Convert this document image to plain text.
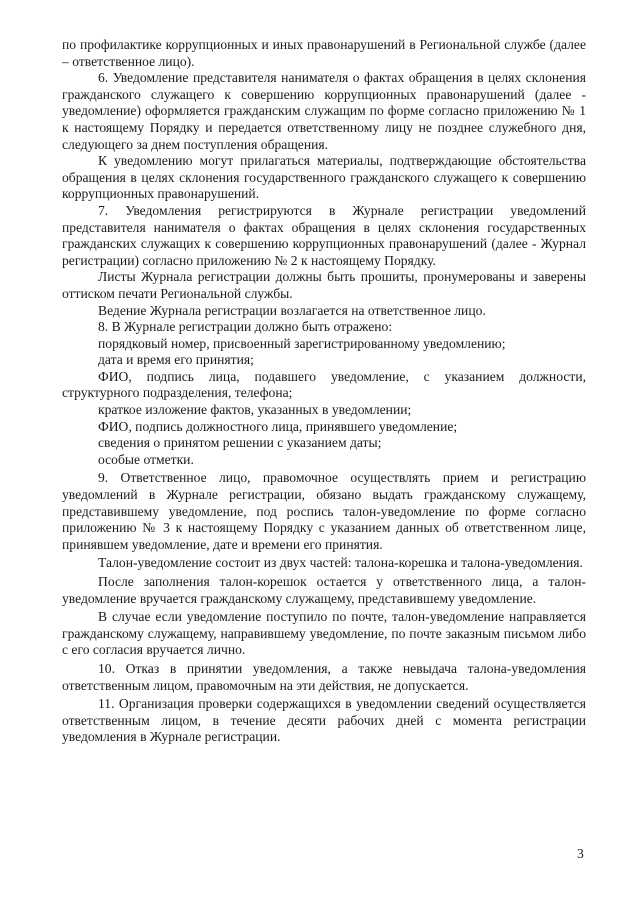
по профилактике коррупционных и иных правонарушений в Региональной службе (далее – ответственное лицо).

6. Уведомление представителя нанимателя о фактах обращения в целях склонения гражданского служащего к совершению коррупционных правонарушений (далее - уведомление) оформляется гражданским служащим по форме согласно приложению № 1 к настоящему Порядку и передается ответственному лицу не позднее служебного дня, следующего за днем поступления обращения.

К уведомлению могут прилагаться материалы, подтверждающие обстоятельства обращения в целях склонения государственного гражданского служащего к совершению коррупционных правонарушений.

7. Уведомления регистрируются в Журнале регистрации уведомлений представителя нанимателя о фактах обращения в целях склонения государственных гражданских служащих к совершению коррупционных правонарушений (далее - Журнал регистрации) согласно приложению № 2 к настоящему Порядку.

Листы Журнала регистрации должны быть прошиты, пронумерованы и заверены оттиском печати Региональной службы.

Ведение Журнала регистрации возлагается на ответственное лицо.

8. В Журнале регистрации должно быть отражено:

порядковый номер, присвоенный зарегистрированному уведомлению;

дата и время его принятия;

ФИО, подпись лица, подавшего уведомление, с указанием должности, структурного подразделения, телефона;

краткое изложение фактов, указанных в уведомлении;

ФИО, подпись должностного лица, принявшего уведомление;

сведения о принятом решении с указанием даты;

особые отметки.

9. Ответственное лицо, правомочное осуществлять прием и регистрацию уведомлений в Журнале регистрации, обязано выдать гражданскому служащему, представившему уведомление, под роспись талон-уведомление по форме согласно приложению № 3 к настоящему Порядку с указанием данных об ответственном лице, принявшем уведомление, дате и времени его принятия.

Талон-уведомление состоит из двух частей: талона-корешка и талона-уведомления.

После заполнения талон-корешок остается у ответственного лица, а талон-уведомление вручается гражданскому служащему, представившему уведомление.

В случае если уведомление поступило по почте, талон-уведомление направляется гражданскому служащему, направившему уведомление, по почте заказным письмом либо с его согласия вручается лично.

10. Отказ в принятии уведомления, а также невыдача талона-уведомления ответственным лицом, правомочным на эти действия, не допускается.

11. Организация проверки содержащихся в уведомлении сведений осуществляется ответственным лицом, в течение десяти рабочих дней с момента регистрации уведомления в Журнале регистрации.

3
